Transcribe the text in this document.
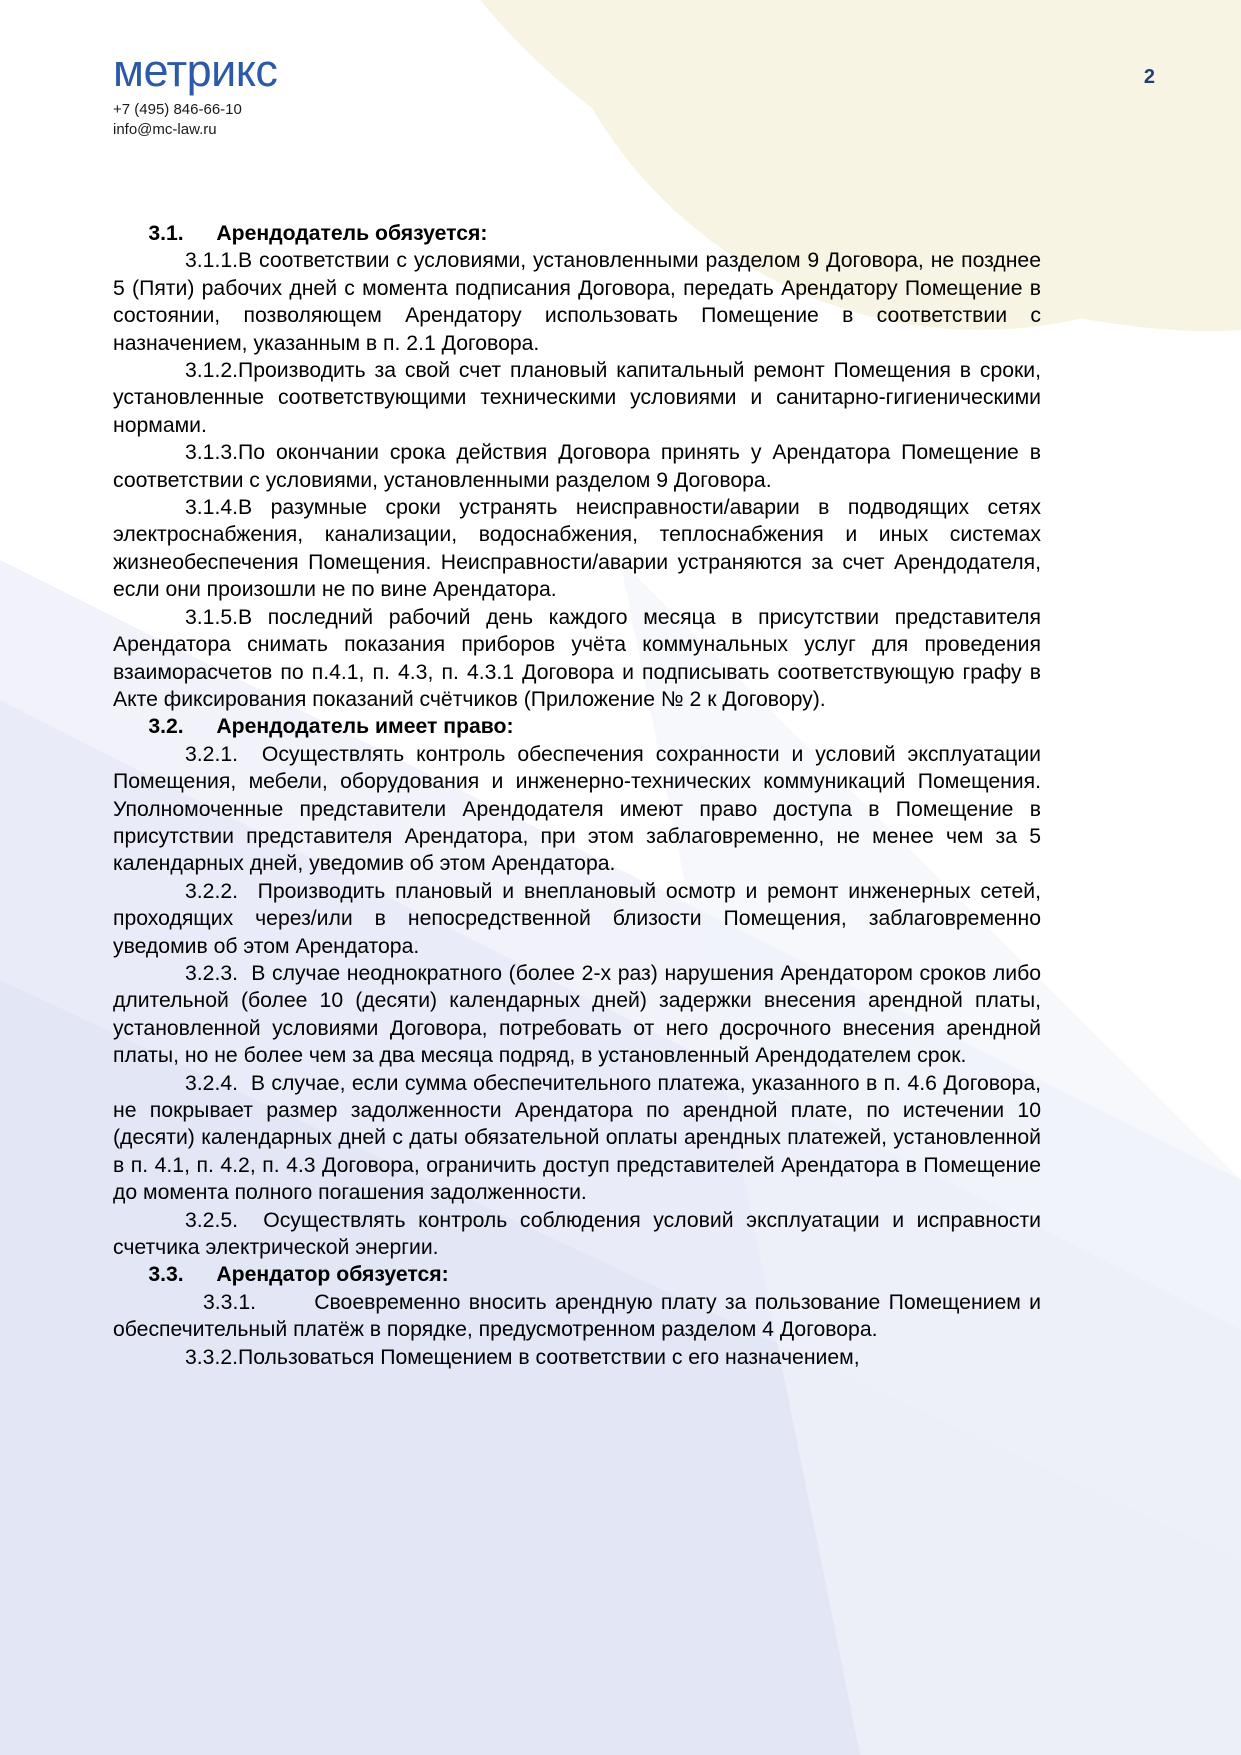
метрикс
+7 (495) 846-66-10
info@mc-law.ru
2

3.1. Арендодатель обязуется:

3.1.1.В соответствии с условиями, установленными разделом 9 Договора, не позднее 5 (Пяти) рабочих дней с момента подписания Договора, передать Арендатору Помещение в состоянии, позволяющем Арендатору использовать Помещение в соответствии с назначением, указанным в п. 2.1 Договора.

3.1.2.Производить за свой счет плановый капитальный ремонт Помещения в сроки, установленные соответствующими техническими условиями и санитарно-гигиеническими нормами.

3.1.3.По окончании срока действия Договора принять у Арендатора Помещение в соответствии с условиями, установленными разделом 9 Договора.

3.1.4.В разумные сроки устранять неисправности/аварии в подводящих сетях электроснабжения, канализации, водоснабжения, теплоснабжения и иных системах жизнеобеспечения Помещения. Неисправности/аварии устраняются за счет Арендодателя, если они произошли не по вине Арендатора.

3.1.5.В последний рабочий день каждого месяца в присутствии представителя Арендатора снимать показания приборов учёта коммунальных услуг для проведения взаиморасчетов по п.4.1, п. 4.3, п. 4.3.1 Договора и подписывать соответствующую графу в Акте фиксирования показаний счётчиков (Приложение № 2 к Договору).

3.2. Арендодатель имеет право:

3.2.1. Осуществлять контроль обеспечения сохранности и условий эксплуатации Помещения, мебели, оборудования и инженерно-технических коммуникаций Помещения. Уполномоченные представители Арендодателя имеют право доступа в Помещение в присутствии представителя Арендатора, при этом заблаговременно, не менее чем за 5 календарных дней, уведомив об этом Арендатора.

3.2.2. Производить плановый и внеплановый осмотр и ремонт инженерных сетей, проходящих через/или в непосредственной близости Помещения, заблаговременно уведомив об этом Арендатора.

3.2.3. В случае неоднократного (более 2-х раз) нарушения Арендатором сроков либо длительной (более 10 (десяти) календарных дней) задержки внесения арендной платы, установленной условиями Договора, потребовать от него досрочного внесения арендной платы, но не более чем за два месяца подряд, в установленный Арендодателем срок.

3.2.4. В случае, если сумма обеспечительного платежа, указанного в п. 4.6 Договора, не покрывает размер задолженности Арендатора по арендной плате, по истечении 10 (десяти) календарных дней с даты обязательной оплаты арендных платежей, установленной в п. 4.1, п. 4.2, п. 4.3 Договора, ограничить доступ представителей Арендатора в Помещение до момента полного погашения задолженности.

3.2.5. Осуществлять контроль соблюдения условий эксплуатации и исправности счетчика электрической энергии.

3.3. Арендатор обязуется:

3.3.1.	Своевременно вносить арендную плату за пользование Помещением и обеспечительный платёж в порядке, предусмотренном разделом 4 Договора.

3.3.2.Пользоваться Помещением в соответствии с его назначением,
